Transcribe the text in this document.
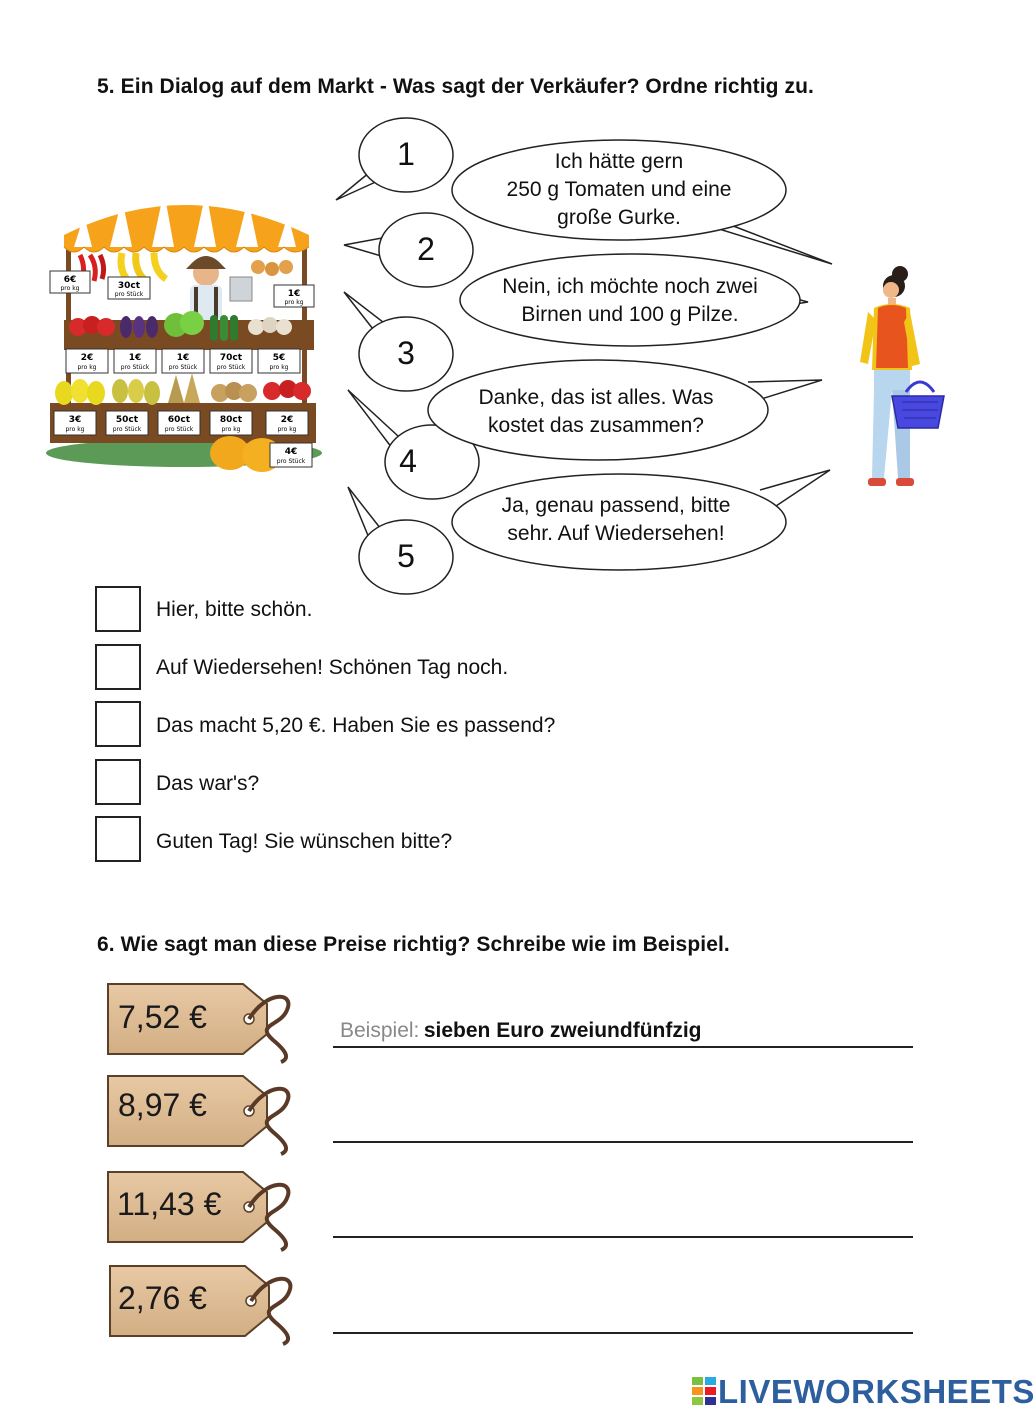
5. Ein Dialog auf dem Markt - Was sagt der Verkäufer? Ordne richtig zu.
6€
pro kg	30ct
pro Stück	1€
pro kg
2€
pro kg
1€
pro Stück
1€
pro Stück
70ct
pro Stück
5€
pro kg
3€
pro kg
50ct
pro Stück
60ct
pro Stück
80ct
pro kg
2€
pro kg
4€
pro Stück
1
2
3
4
5
Ich hätte gern
250 g Tomaten und eine
große Gurke.
Nein, ich möchte noch zwei
Birnen und 100 g Pilze.
Danke, das ist alles. Was
kostet das zusammen?
Ja, genau passend, bitte
sehr. Auf Wiedersehen!
Hier, bitte schön.
Auf Wiedersehen! Schönen Tag noch.
Das macht 5,20 €. Haben Sie es passend?
Das war's?
Guten Tag! Sie wünschen bitte?
6. Wie sagt man diese Preise richtig? Schreibe wie im Beispiel.
7,52 €
8,97 €
11,43 €
2,76 €
Beispiel: sieben Euro zweiundfünfzig
LIVEWORKSHEETS
